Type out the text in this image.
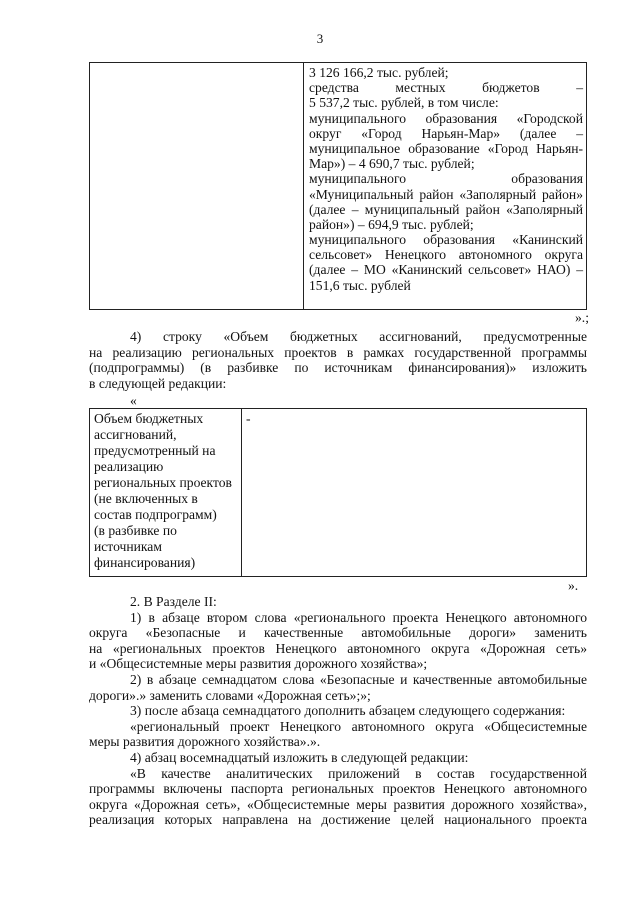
3
3 126 166,2 тыс. рублей;
средства местных бюджетов –
5 537,2 тыс. рублей, в том числе:
муниципального образования «Городской
округ «Город Нарьян-Мар» (далее –
муниципальное образование «Город Нарьян-
Мар») – 4 690,7 тыс. рублей;
муниципального образования
«Муниципальный район «Заполярный район»
(далее – муниципальный район «Заполярный
район») – 694,9 тыс. рублей;
муниципального образования «Канинский
сельсовет» Ненецкого автономного округа
(далее – МО «Канинский сельсовет» НАО) –
151,6 тыс. рублей
».;
4) строку «Объем бюджетных ассигнований, предусмотренные
на реализацию региональных проектов в рамках государственной программы
(подпрограммы) (в разбивке по источникам финансирования)» изложить
в следующей редакции:
«
Объем бюджетных
ассигнований,
предусмотренный на
реализацию
региональных проектов
(не включенных в
состав подпрограмм)
(в разбивке по
источникам
финансирования)
-
».
2. В Разделе II:
1) в абзаце втором слова «регионального проекта Ненецкого автономного
округа «Безопасные и качественные автомобильные дороги» заменить
на «региональных проектов Ненецкого автономного округа «Дорожная сеть»
и «Общесистемные меры развития дорожного хозяйства»;
2) в абзаце семнадцатом слова «Безопасные и качественные автомобильные
дороги».» заменить словами «Дорожная сеть»;»;
3) после абзаца семнадцатого дополнить абзацем следующего содержания:
«региональный проект Ненецкого автономного округа «Общесистемные
меры развития дорожного хозяйства».».
4) абзац восемнадцатый изложить в следующей редакции:
«В качестве аналитических приложений в состав государственной
программы включены паспорта региональных проектов Ненецкого автономного
округа «Дорожная сеть», «Общесистемные меры развития дорожного хозяйства»,
реализация которых направлена на достижение целей национального проекта
